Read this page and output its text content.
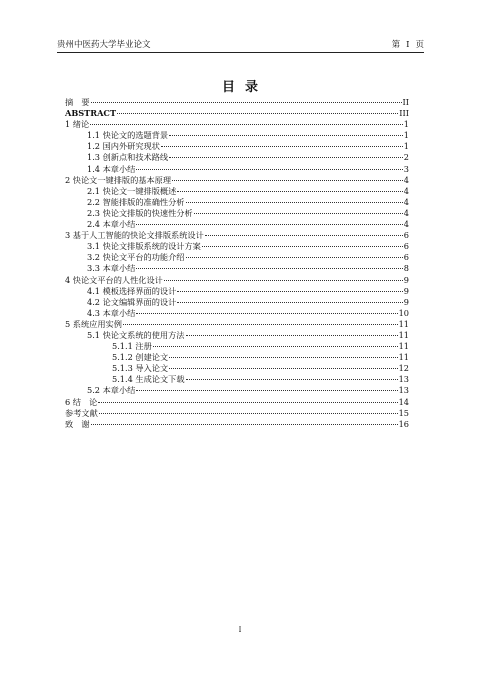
贵州中医药大学毕业论文	第 I 页
目录
摘　要	II
ABSTRACT	III
1 绪论	1
1.1 快论文的选题背景	1
1.2 国内外研究现状	1
1.3 创新点和技术路线	2
1.4 本章小结	3
2 快论文一键排版的基本原理	4
2.1 快论文一键排版概述	4
2.2 智能排版的准确性分析	4
2.3 快论文排版的快速性分析	4
2.4 本章小结	4
3 基于人工智能的快论文排版系统设计	6
3.1 快论文排版系统的设计方案	6
3.2 快论文平台的功能介绍	6
3.3 本章小结	8
4 快论文平台的人性化设计	9
4.1 模板选择界面的设计	9
4.2 论文编辑界面的设计	9
4.3 本章小结	10
5 系统应用实例	11
5.1 快论文系统的使用方法	11
5.1.1 注册	11
5.1.2 创建论文	11
5.1.3 导入论文	12
5.1.4 生成论文下载	13
5.2 本章小结	13
6 结　论	14
参考文献	15
致　谢	16
I
